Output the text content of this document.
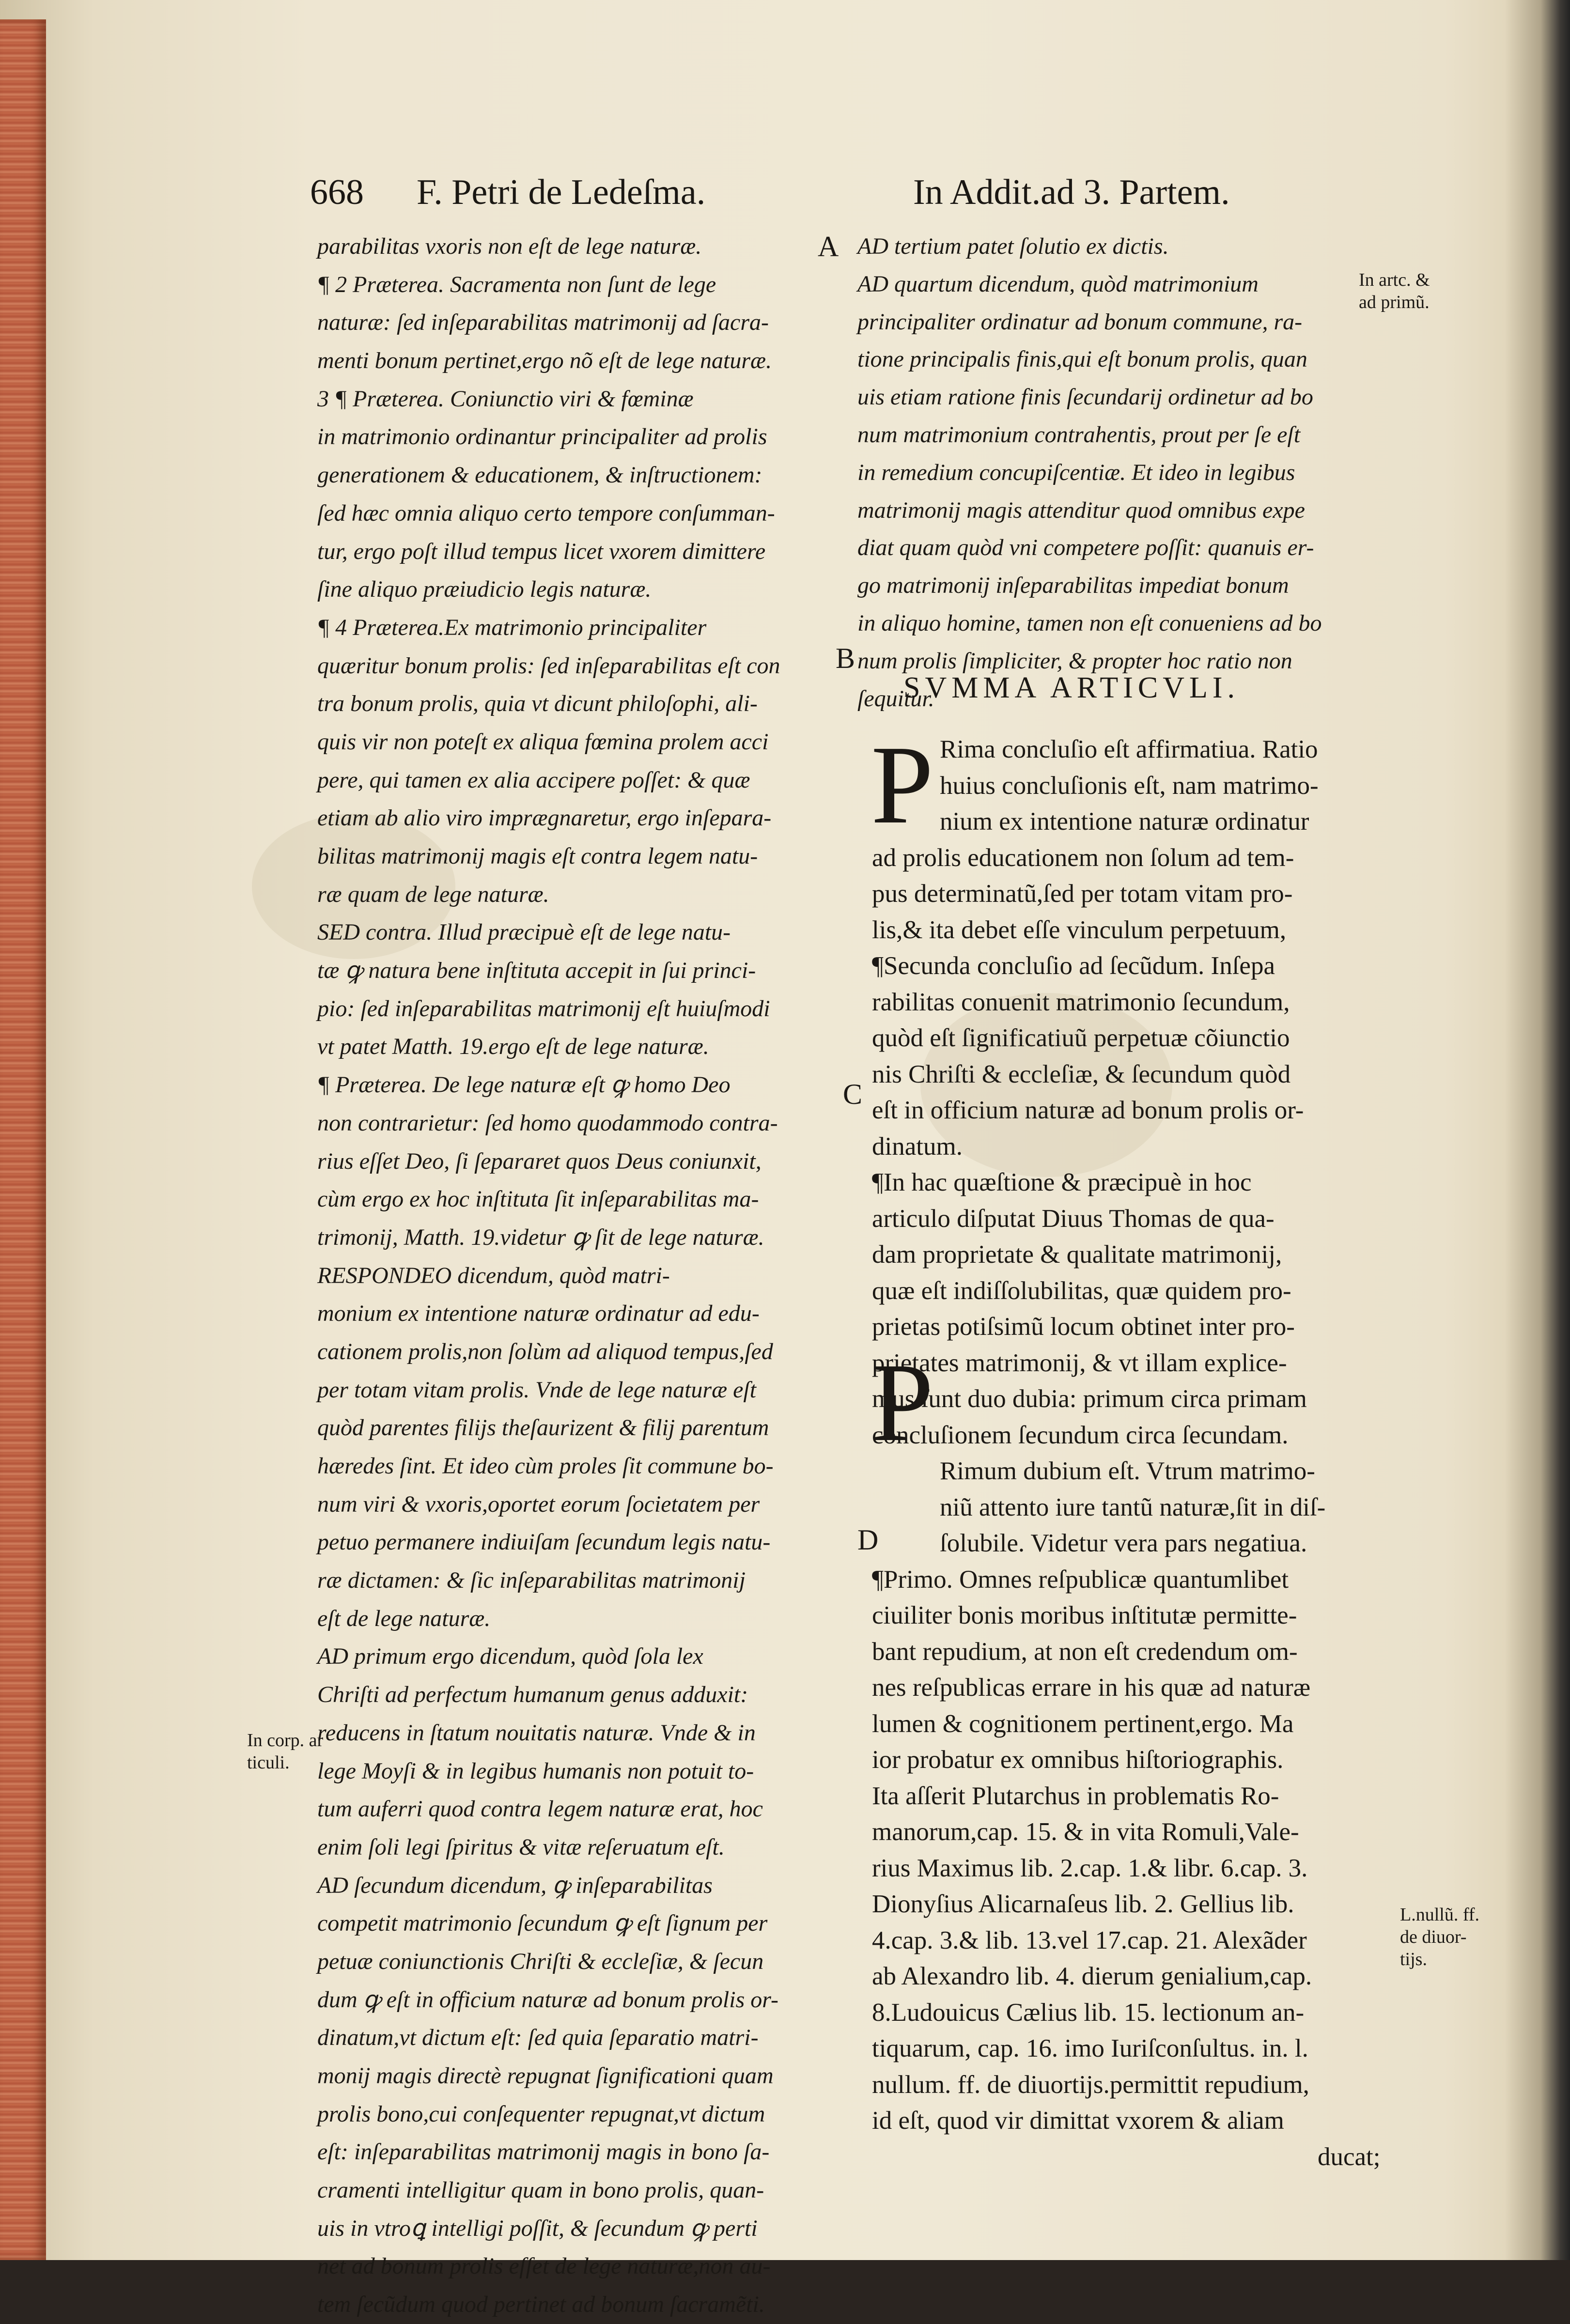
668 F. Petri de Ledeſma.	In Addit.ad 3. Partem.
A
B
C
D
In artc. &
ad primũ.
In corp. ar
ticuli.
L.nullũ. ff.
de diuor-
tijs.

parabilitas vxoris non eſt de lege naturæ.

¶ 2 Præterea. Sacramenta non ſunt de lege

naturæ: ſed inſeparabilitas matrimonij ad ſacra-

menti bonum pertinet,ergo nõ eſt de lege naturæ.

3 ¶ Præterea. Coniunctio viri & fœminæ

in matrimonio ordinantur principaliter ad prolis

generationem & educationem, & inſtructionem:

ſed hæc omnia aliquo certo tempore conſumman-

tur, ergo poſt illud tempus licet vxorem dimittere

ſine aliquo præiudicio legis naturæ.

¶ 4 Præterea.Ex matrimonio principaliter

quæritur bonum prolis: ſed inſeparabilitas eſt con

tra bonum prolis, quia vt dicunt philoſophi, ali-

quis vir non poteſt ex aliqua fœmina prolem acci

pere, qui tamen ex alia accipere poſſet: & quæ

etiam ab alio viro imprægnaretur, ergo inſepara-

bilitas matrimonij magis eſt contra legem natu-

ræ quam de lege naturæ.

SED contra. Illud præcipuè eſt de lege natu-

tæ ꝙ natura bene inſtituta accepit in ſui princi-

pio: ſed inſeparabilitas matrimonij eſt huiuſmodi

vt patet Matth. 19.ergo eſt de lege naturæ.

¶ Præterea. De lege naturæ eſt ꝙ homo Deo

non contrarietur: ſed homo quodammodo contra-

rius eſſet Deo, ſi ſepararet quos Deus coniunxit,

cùm ergo ex hoc inſtituta ſit inſeparabilitas ma-

trimonij, Matth. 19.videtur ꝙ ſit de lege naturæ.

RESPONDEO dicendum, quòd matri-

monium ex intentione naturæ ordinatur ad edu-

cationem prolis,non ſolùm ad aliquod tempus,ſed

per totam vitam prolis. Vnde de lege naturæ eſt

quòd parentes filijs theſaurizent & filij parentum

hæredes ſint. Et ideo cùm proles ſit commune bo-

num viri & vxoris,oportet eorum ſocietatem per

petuo permanere indiuiſam ſecundum legis natu-

ræ dictamen: & ſic inſeparabilitas matrimonij

eſt de lege naturæ.

AD primum ergo dicendum, quòd ſola lex

Chriſti ad perfectum humanum genus adduxit:

reducens in ſtatum nouitatis naturæ. Vnde & in

lege Moyſi & in legibus humanis non potuit to-

tum auferri quod contra legem naturæ erat, hoc

enim ſoli legi ſpiritus & vitæ reſeruatum eſt.

AD ſecundum dicendum, ꝙ inſeparabilitas

competit matrimonio ſecundum ꝙ eſt ſignum per

petuæ coniunctionis Chriſti & eccleſiæ, & ſecun

dum ꝙ eſt in officium naturæ ad bonum prolis or-

dinatum,vt dictum eſt: ſed quia ſeparatio matri-

monij magis directè repugnat ſignificationi quam

prolis bono,cui conſequenter repugnat,vt dictum

eſt: inſeparabilitas matrimonij magis in bono ſa-

cramenti intelligitur quam in bono prolis, quan-

uis in vtroꝗ intelligi poſſit, & ſecundum ꝙ perti

net ad bonum prolis eſſet de lege naturæ,non au-

tem ſecũdum quod pertinet ad bonum ſacramẽti.

AD tertium patet ſolutio ex dictis.

AD quartum dicendum, quòd matrimonium

principaliter ordinatur ad bonum commune, ra-

tione principalis finis,qui eſt bonum prolis, quan

uis etiam ratione finis ſecundarij ordinetur ad bo

num matrimonium contrahentis, prout per ſe eſt

in remedium concupiſcentiæ. Et ideo in legibus

matrimonij magis attenditur quod omnibus expe

diat quam quòd vni competere poſſit: quanuis er-

go matrimonij inſeparabilitas impediat bonum

in aliquo homine, tamen non eſt conueniens ad bo

num prolis ſimpliciter, & propter hoc ratio non

ſequitur.

SVMMA ARTICVLI.
P
P

Rima concluſio eſt affirmatiua. Ratio

huius concluſionis eſt, nam matrimo-

nium ex intentione naturæ ordinatur

ad prolis educationem non ſolum ad tem-

pus determinatũ,ſed per totam vitam pro-

lis,& ita debet eſſe vinculum perpetuum,

¶Secunda concluſio ad ſecũdum. Inſepa

rabilitas conuenit matrimonio ſecundum,

quòd eſt ſignificatiuũ perpetuæ cõiunctio

nis Chriſti & eccleſiæ, & ſecundum quòd

eſt in officium naturæ ad bonum prolis or-

dinatum.

¶In hac quæſtione & præcipuè in hoc

articulo diſputat Diuus Thomas de qua-

dam proprietate & qualitate matrimonij,

quæ eſt indiſſolubilitas, quæ quidem pro-

prietas potiſsimũ locum obtinet inter pro-

prietates matrimonij, & vt illam explice-

mus ſunt duo dubia: primum circa primam

concluſionem ſecundum circa ſecundam.

Rimum dubium eſt. Vtrum matrimo-

niũ attento iure tantũ naturæ,ſit in diſ-

ſolubile. Videtur vera pars negatiua.

¶Primo. Omnes reſpublicæ quantumlibet

ciuiliter bonis moribus inſtitutæ permitte-

bant repudium, at non eſt credendum om-

nes reſpublicas errare in his quæ ad naturæ

lumen & cognitionem pertinent,ergo. Ma

ior probatur ex omnibus hiſtoriographis.

Ita aſſerit Plutarchus in problematis Ro-

manorum,cap. 15. & in vita Romuli,Vale-

rius Maximus lib. 2.cap. 1.& libr. 6.cap. 3.

Dionyſius Alicarnaſeus lib. 2. Gellius lib.

4.cap. 3.& lib. 13.vel 17.cap. 21. Alexãder

ab Alexandro lib. 4. dierum genialium,cap.

8.Ludouicus Cælius lib. 15. lectionum an-

tiquarum, cap. 16. imo Iuriſconſultus. in. l.

nullum. ff. de diuortijs.permittit repudium,

id eſt, quod vir dimittat vxorem & aliam

ducat;
